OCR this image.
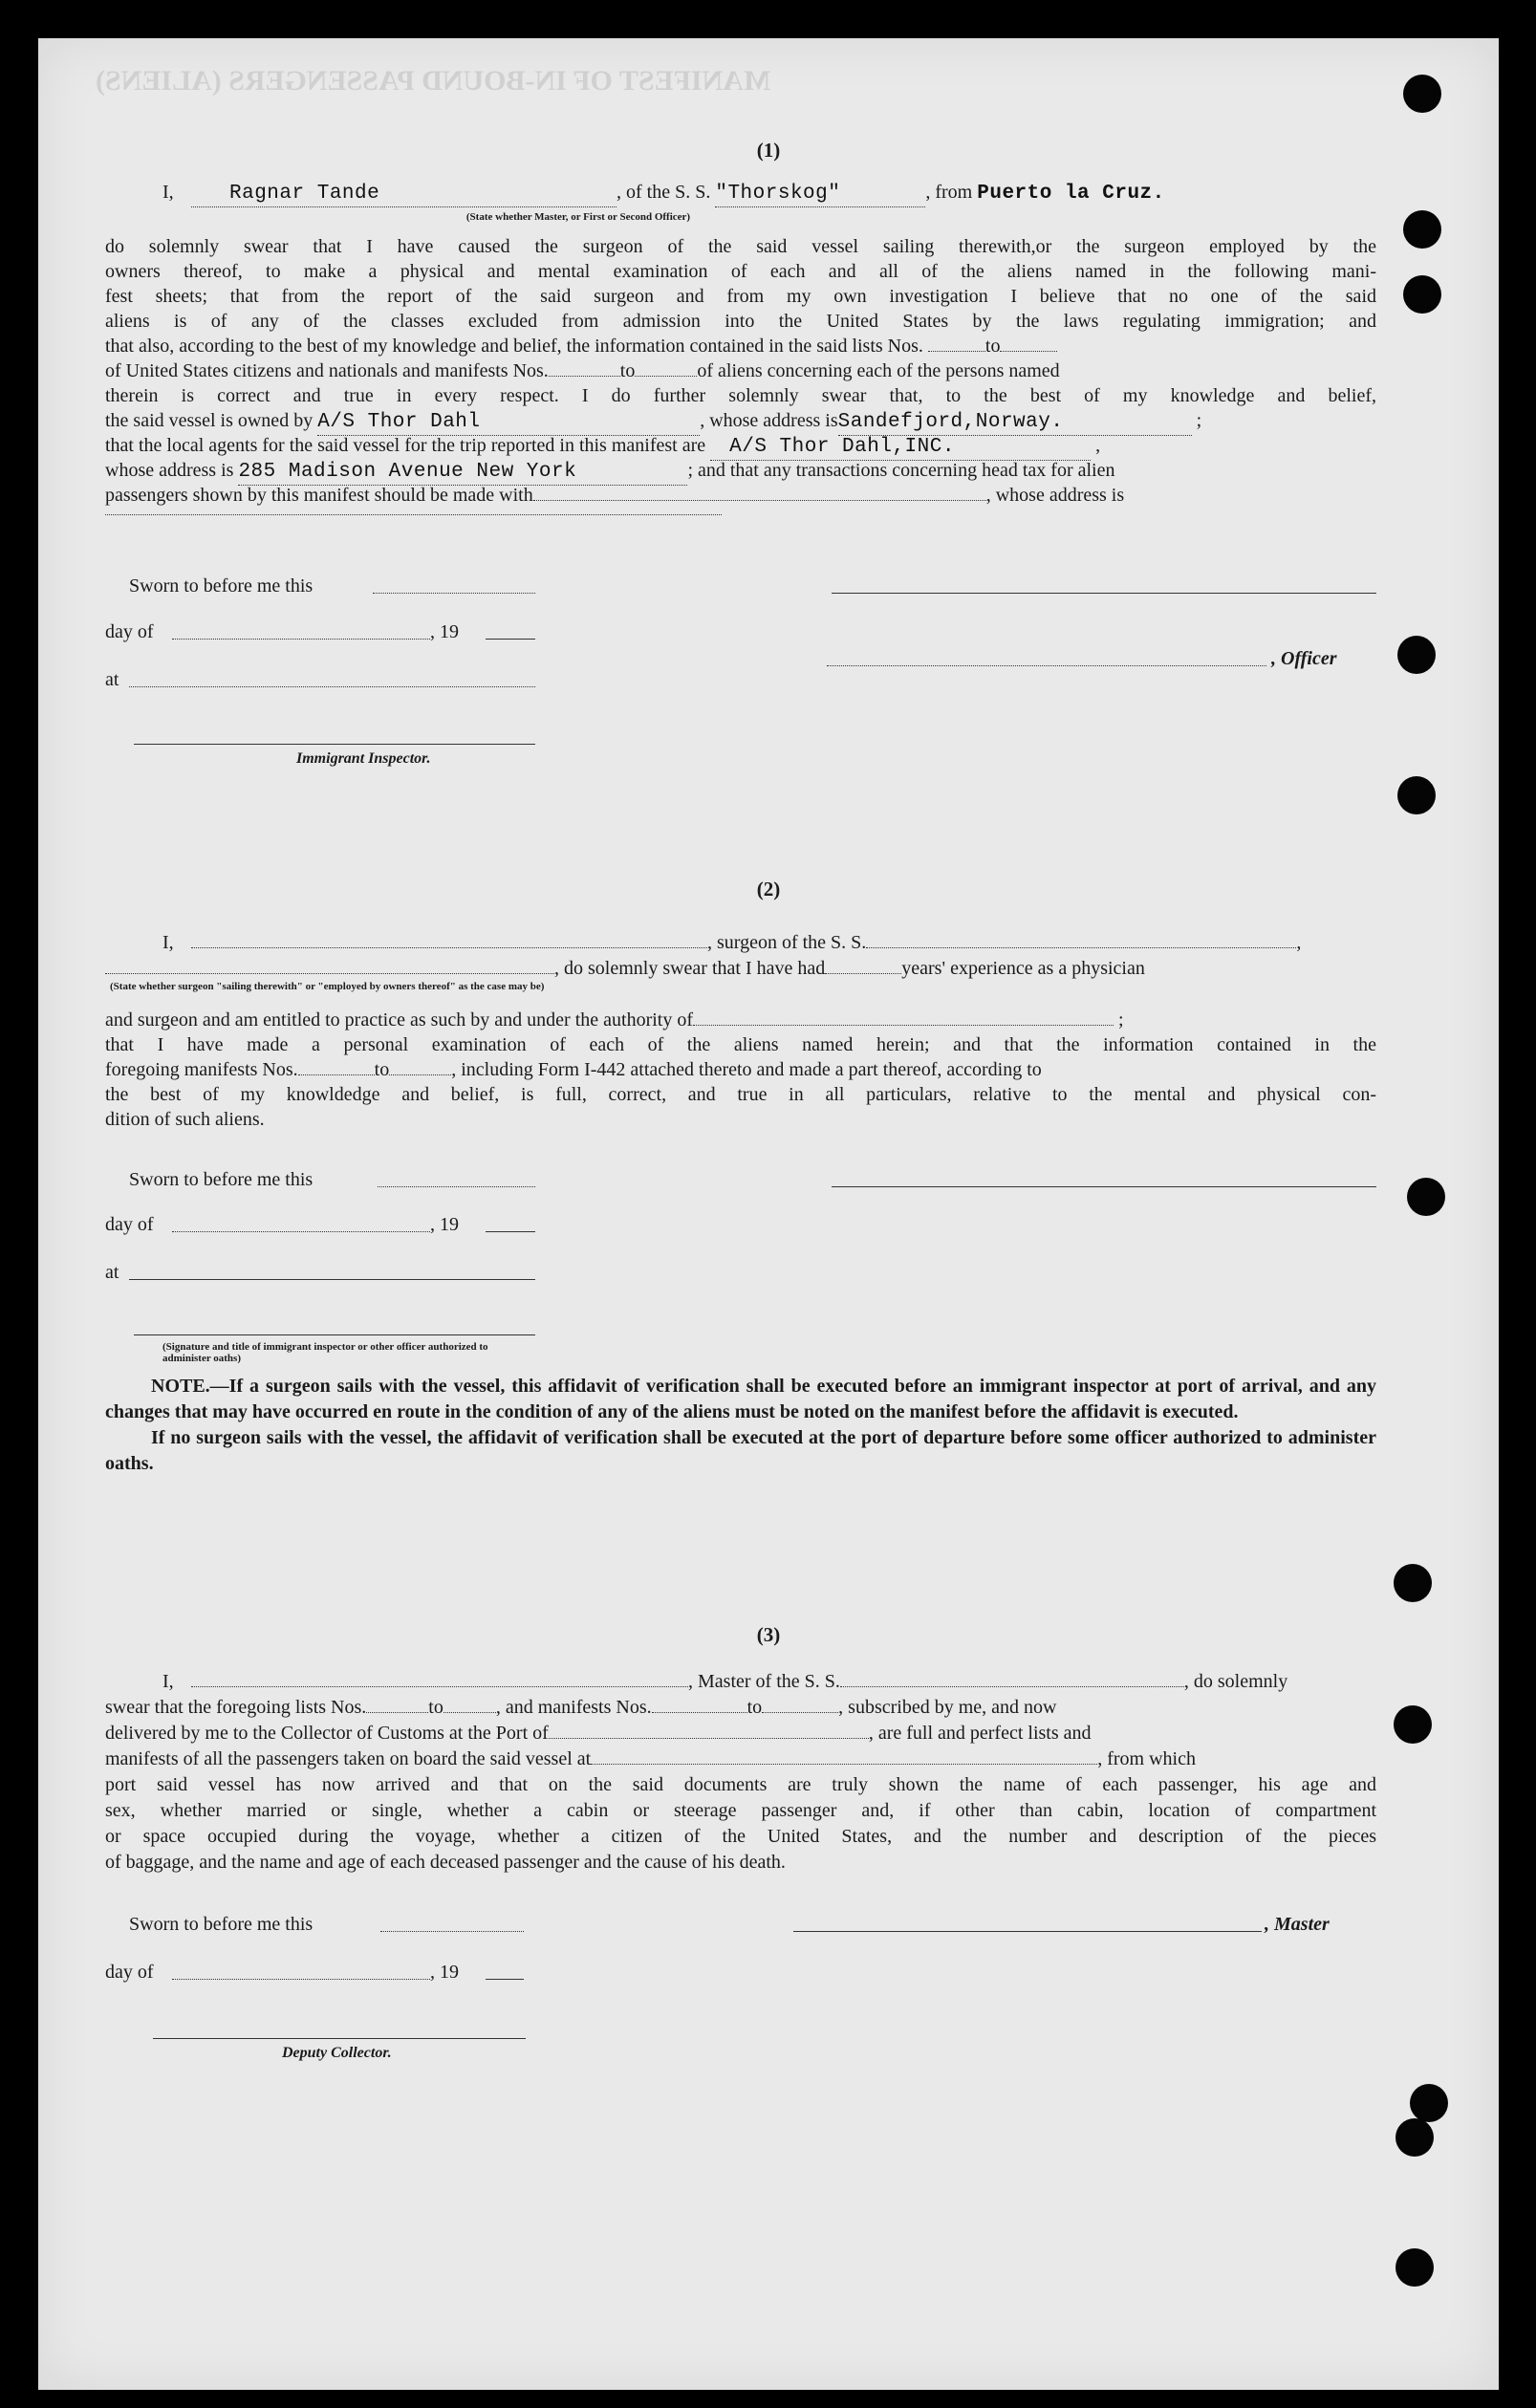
MANIFEST OF IN-BOUND PASSENGERS (ALIENS)
(1)
I,	Ragnar Tande	, of the S. S. "Thorskog"	, from Puerto la Cruz.
(State whether Master, or First or Second Officer)
do solemnly swear that I have caused the surgeon of the said vessel sailing therewith,or the surgeon employed by the
owners thereof, to make a physical and mental examination of each and all of the aliens named in the following mani-
fest sheets; that from the report of the said surgeon and from my own investigation I believe that no one of the said
aliens is of any of the classes excluded from admission into the United States by the laws regulating immigration; and
that also, according to the best of my knowledge and belief, the information contained in the said lists Nos.	to
of United States citizens and nationals and manifests Nos.	to	of aliens concerning each of the persons named
therein is correct and true in every respect. I do further solemnly swear that, to the best of my knowledge and belief,
the said vessel is owned by A/S Thor Dahl	, whose address isSandefjord,Norway.	;
that the local agents for the said vessel for the trip reported in this manifest are A/S Thor Dahl,INC.	,
whose address is 285 Madison Avenue New York	; and that any transactions concerning head tax for alien
passengers shown by this manifest should be made with	, whose address is
Sworn to before me this
day of	, 19
, Officer
at
Immigrant Inspector.
(2)
I,	, surgeon of the S. S.	,
, do solemnly swear that I have had	years' experience as a physician
(State whether surgeon "sailing therewith" or "employed by owners thereof" as the case may be)
and surgeon and am entitled to practice as such by and under the authority of	;
that I have made a personal examination of each of the aliens named herein; and that the information contained in the
foregoing manifests Nos.	to	, including Form I-442 attached thereto and made a part thereof, according to
the best of my knowldedge and belief, is full, correct, and true in all particulars, relative to the mental and physical con-
dition of such aliens.
Sworn to before me this
day of	, 19
at
(Signature and title of immigrant inspector or other officer authorized to administer oaths)
NOTE.—If a surgeon sails with the vessel, this affidavit of verification shall be executed before an immigrant inspector at port of arrival, and any changes that may have occurred en route in the condition of any of the aliens must be noted on the manifest before the affidavit is executed.
If no surgeon sails with the vessel, the affidavit of verification shall be executed at the port of departure before some officer authorized to administer oaths.
(3)
I,	, Master of the S. S.	, do solemnly
swear that the foregoing lists Nos.	to	, and manifests Nos.	to	, subscribed by me, and now
delivered by me to the Collector of Customs at the Port of	, are full and perfect lists and
manifests of all the passengers taken on board the said vessel at	, from which
port said vessel has now arrived and that on the said documents are truly shown the name of each passenger, his age and
sex, whether married or single, whether a cabin or steerage passenger and, if other than cabin, location of compartment
or space occupied during the voyage, whether a citizen of the United States, and the number and description of the pieces
of baggage, and the name and age of each deceased passenger and the cause of his death.
Sworn to before me this	, Master
day of	, 19
Deputy Collector.
